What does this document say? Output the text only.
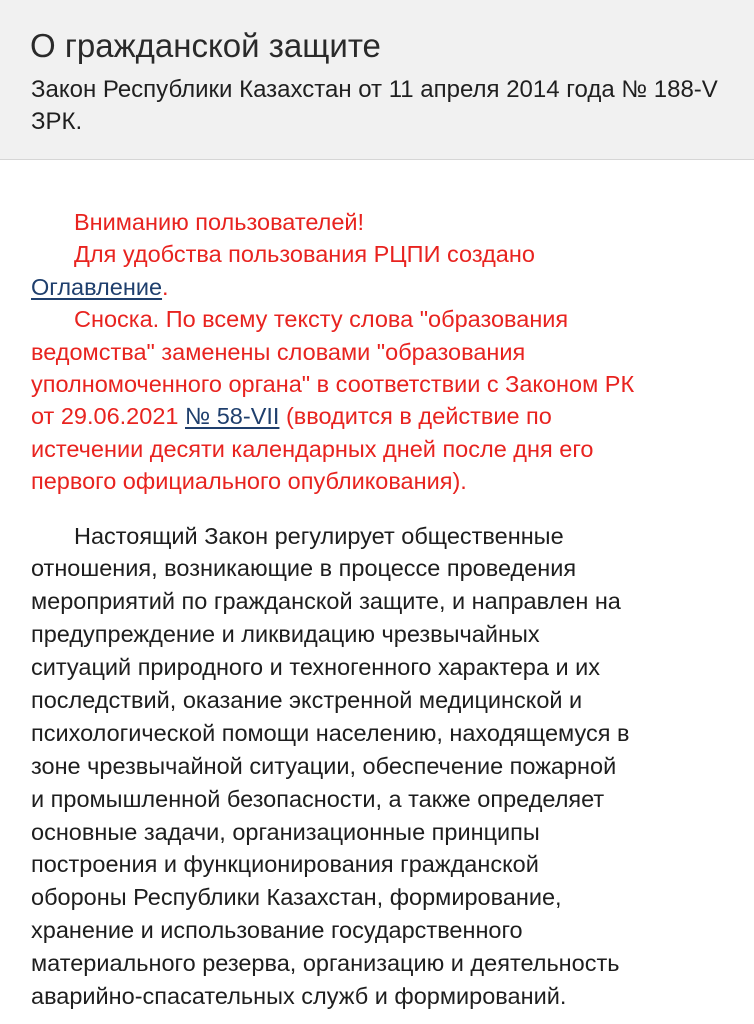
О гражданской защите

Закон Республики Казахстан от 11 апреля 2014 года № 188-V ЗРК.

Вниманию пользователей!
Для удобства пользования РЦПИ создано
Оглавление.
Сноска. По всему тексту слова "образования
ведомства" заменены словами "образования
уполномоченного органа" в соответствии с Законом РК
от 29.06.2021 № 58-VII (вводится в действие по
истечении десяти календарных дней после дня его
первого официального опубликования).
Настоящий Закон регулирует общественные
отношения, возникающие в процессе проведения
мероприятий по гражданской защите, и направлен на
предупреждение и ликвидацию чрезвычайных
ситуаций природного и техногенного характера и их
последствий, оказание экстренной медицинской и
психологической помощи населению, находящемуся в
зоне чрезвычайной ситуации, обеспечение пожарной
и промышленной безопасности, а также определяет
основные задачи, организационные принципы
построения и функционирования гражданской
обороны Республики Казахстан, формирование,
хранение и использование государственного
материального резерва, организацию и деятельность
аварийно-спасательных служб и формирований.
